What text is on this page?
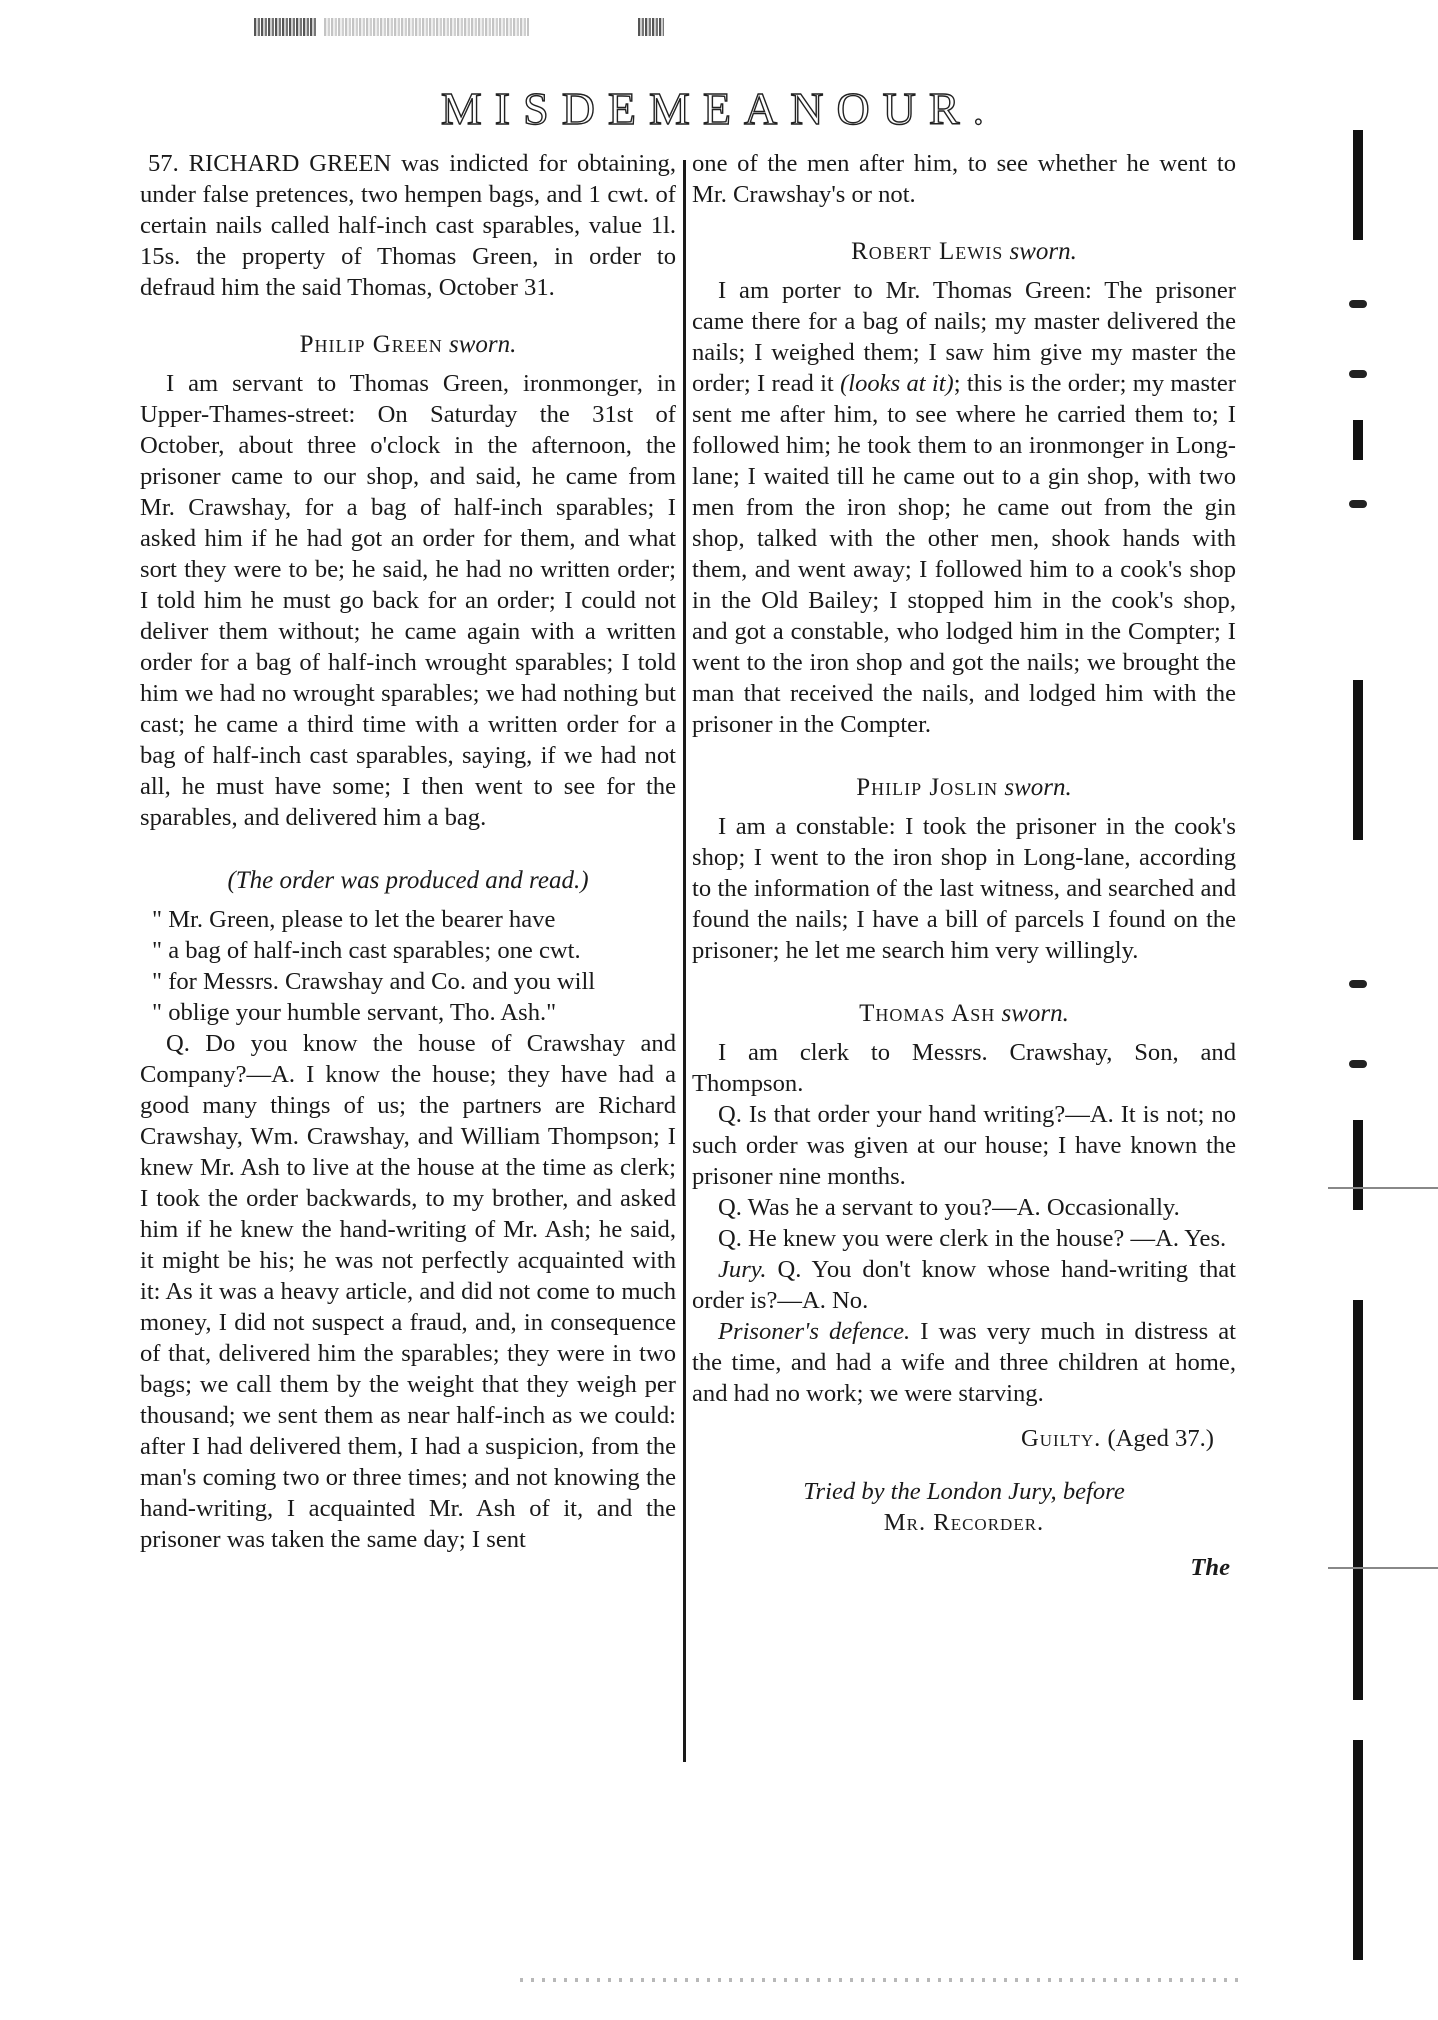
MISDEMEANOUR.

57. RICHARD GREEN was indicted for obtaining, under false pretences, two hempen bags, and 1 cwt. of certain nails called half-inch cast sparables, value 1l. 15s. the property of Thomas Green, in order to defraud him the said Thomas, October 31.

Philip Green sworn.

I am servant to Thomas Green, ironmonger, in Upper-Thames-street: On Saturday the 31st of October, about three o'clock in the afternoon, the prisoner came to our shop, and said, he came from Mr. Crawshay, for a bag of half-inch sparables; I asked him if he had got an order for them, and what sort they were to be; he said, he had no written order; I told him he must go back for an order; I could not deliver them without; he came again with a written order for a bag of half-inch wrought sparables; I told him we had no wrought sparables; we had nothing but cast; he came a third time with a written order for a bag of half-inch cast sparables, saying, if we had not all, he must have some; I then went to see for the sparables, and delivered him a bag.

(The order was produced and read.)

" Mr. Green, please to let the bearer have
" a bag of half-inch cast sparables; one cwt.
" for Messrs. Crawshay and Co. and you will
" oblige your humble servant, Tho. Ash."

Q. Do you know the house of Crawshay and Company?—A. I know the house; they have had a good many things of us; the partners are Richard Crawshay, Wm. Crawshay, and William Thompson; I knew Mr. Ash to live at the house at the time as clerk; I took the order backwards, to my brother, and asked him if he knew the hand-writing of Mr. Ash; he said, it might be his; he was not perfectly acquainted with it: As it was a heavy article, and did not come to much money, I did not suspect a fraud, and, in consequence of that, delivered him the sparables; they were in two bags; we call them by the weight that they weigh per thousand; we sent them as near half-inch as we could: after I had delivered them, I had a suspicion, from the man's coming two or three times; and not knowing the hand-writing, I acquainted Mr. Ash of it, and the prisoner was taken the same day; I sent

one of the men after him, to see whether he went to Mr. Crawshay's or not.

Robert Lewis sworn.

I am porter to Mr. Thomas Green: The prisoner came there for a bag of nails; my master delivered the nails; I weighed them; I saw him give my master the order; I read it (looks at it); this is the order; my master sent me after him, to see where he carried them to; I followed him; he took them to an ironmonger in Long-lane; I waited till he came out to a gin shop, with two men from the iron shop; he came out from the gin shop, talked with the other men, shook hands with them, and went away; I followed him to a cook's shop in the Old Bailey; I stopped him in the cook's shop, and got a constable, who lodged him in the Compter; I went to the iron shop and got the nails; we brought the man that received the nails, and lodged him with the prisoner in the Compter.

Philip Joslin sworn.

I am a constable: I took the prisoner in the cook's shop; I went to the iron shop in Long-lane, according to the information of the last witness, and searched and found the nails; I have a bill of parcels I found on the prisoner; he let me search him very willingly.

Thomas Ash sworn.

I am clerk to Messrs. Crawshay, Son, and Thompson.

Q. Is that order your hand writing?—A. It is not; no such order was given at our house; I have known the prisoner nine months.

Q. Was he a servant to you?—A. Occasionally.

Q. He knew you were clerk in the house? —A. Yes.

Jury. Q. You don't know whose hand-writing that order is?—A. No.

Prisoner's defence. I was very much in distress at the time, and had a wife and three children at home, and had no work; we were starving.

Guilty. (Aged 37.)
Tried by the London Jury, before
Mr. Recorder.
The
